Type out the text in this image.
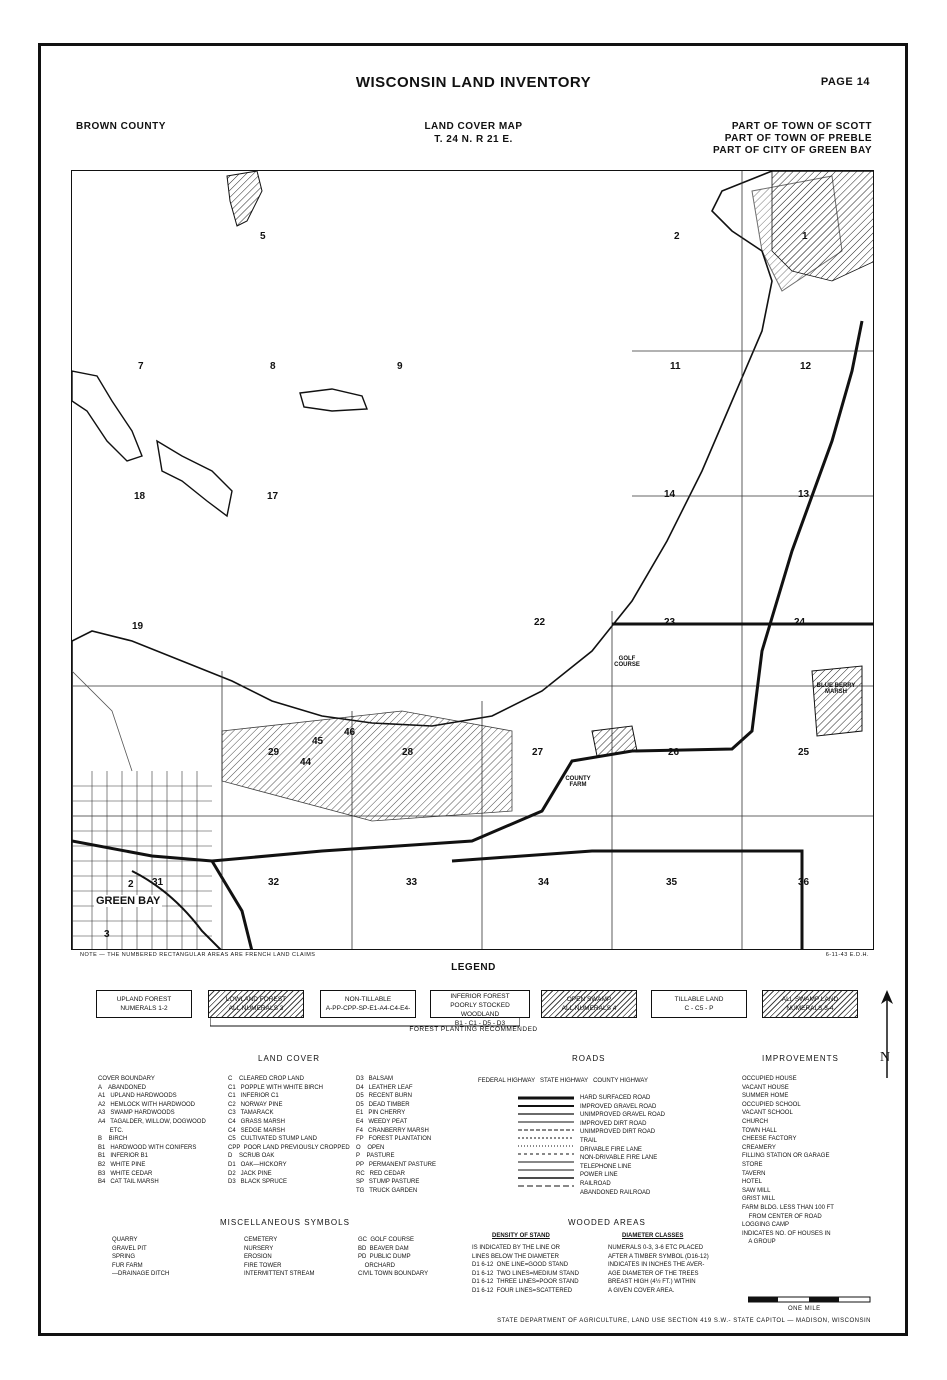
WISCONSIN LAND INVENTORY	PAGE 14
BROWN COUNTY	LAND COVER MAP
T. 24 N. R 21 E.
PART OF TOWN OF SCOTT
PART OF TOWN OF PREBLE
PART OF CITY OF GREEN BAY
5	2	1
7	8	9	11	12
18	17	14	13
19	22	23	24
29
45
44
46
28	27	26	25
31	32	33	34	35	36
3
2
GREEN BAY
GOLF COURSE
COUNTY FARM
BLUE BERRY MARSH
NOTE — THE NUMBERED RECTANGULAR AREAS ARE FRENCH LAND CLAIMS	6-11-43 E.D.H.
LEGEND
UPLAND FOREST
NUMERALS 1-2
LOWLAND FOREST
ALL NUMERALS 3
NON-TILLABLE
A-PP-CPP-SP-E1-A4-C4-E4-
INFERIOR FOREST
POORLY STOCKED WOODLAND
B1 - C1 - D5 - D3
OPEN SWAMP
ALL NUMERALS 4
TILLABLE LAND
C - C5 - P
ALL SWAMP LAND
NUMERALS 3-4
FOREST PLANTING RECOMMENDED
N
LAND COVER	ROADS	IMPROVEMENTS
COVER BOUNDARY
A    ABANDONED
A1   UPLAND HARDWOODS
A2   HEMLOCK WITH HARDWOOD
A3   SWAMP HARDWOODS
A4   TAGALDER, WILLOW, DOGWOOD
ETC.
B    BIRCH
B1   HARDWOOD WITH CONIFERS
B1   INFERIOR B1
B2   WHITE PINE
B3   WHITE CEDAR
B4   CAT TAIL MARSH
C    CLEARED CROP LAND
C1   POPPLE WITH WHITE BIRCH
C1   INFERIOR C1
C2   NORWAY PINE
C3   TAMARACK
C4   GRASS MARSH
C4   SEDGE MARSH
C5   CULTIVATED STUMP LAND
CPP  POOR LAND PREVIOUSLY CROPPED
D    SCRUB OAK
D1   OAK—HICKORY
D2   JACK PINE
D3   BLACK SPRUCE
D3   BALSAM
D4   LEATHER LEAF
D5   RECENT BURN
D5   DEAD TIMBER
E1   PIN CHERRY
E4   WEEDY PEAT
F4   CRANBERRY MARSH
FP   FOREST PLANTATION
O    OPEN
P    PASTURE
PP   PERMANENT PASTURE
RC   RED CEDAR
SP   STUMP PASTURE
TG   TRUCK GARDEN
FEDERAL HIGHWAY STATE HIGHWAY COUNTY HIGHWAY
HARD SURFACED ROAD
IMPROVED GRAVEL ROAD
UNIMPROVED GRAVEL ROAD
IMPROVED DIRT ROAD
UNIMPROVED DIRT ROAD
TRAIL
DRIVABLE FIRE LANE
NON-DRIVABLE FIRE LANE
TELEPHONE LINE
POWER LINE
RAILROAD
ABANDONED RAILROAD
OCCUPIED HOUSE
VACANT HOUSE
SUMMER HOME
OCCUPIED SCHOOL
VACANT SCHOOL
CHURCH
TOWN HALL
CHEESE FACTORY
CREAMERY
FILLING STATION OR GARAGE
STORE
TAVERN
HOTEL
SAW MILL
GRIST MILL
FARM BLDG. LESS THAN 100 FT
FROM CENTER OF ROAD
LOGGING CAMP
INDICATES NO. OF HOUSES IN
A GROUP
MISCELLANEOUS SYMBOLS
QUARRY
GRAVEL PIT
SPRING
FUR FARM
—DRAINAGE DITCH
CEMETERY
NURSERY
EROSION
FIRE TOWER
INTERMITTENT STREAM
GC  GOLF COURSE
BD  BEAVER DAM
PD  PUBLIC DUMP
ORCHARD
CIVIL TOWN BOUNDARY
WOODED AREAS
DENSITY OF STAND
IS INDICATED BY THE LINE OR
LINES BELOW THE DIAMETER
D1 6-12  ONE LINE=GOOD STAND
D1 6-12  TWO LINES=MEDIUM STAND
D1 6-12  THREE LINES=POOR STAND
D1 6-12  FOUR LINES=SCATTERED
DIAMETER CLASSES
NUMERALS 0-3, 3-6 ETC PLACED
AFTER A TIMBER SYMBOL (D16-12)
INDICATES IN INCHES THE AVER-
AGE DIAMETER OF THE TREES
BREAST HIGH (4½ FT.) WITHIN
A GIVEN COVER AREA.
ONE MILE
STATE DEPARTMENT OF AGRICULTURE, LAND USE SECTION 419 S.W.- STATE CAPITOL — MADISON, WISCONSIN
